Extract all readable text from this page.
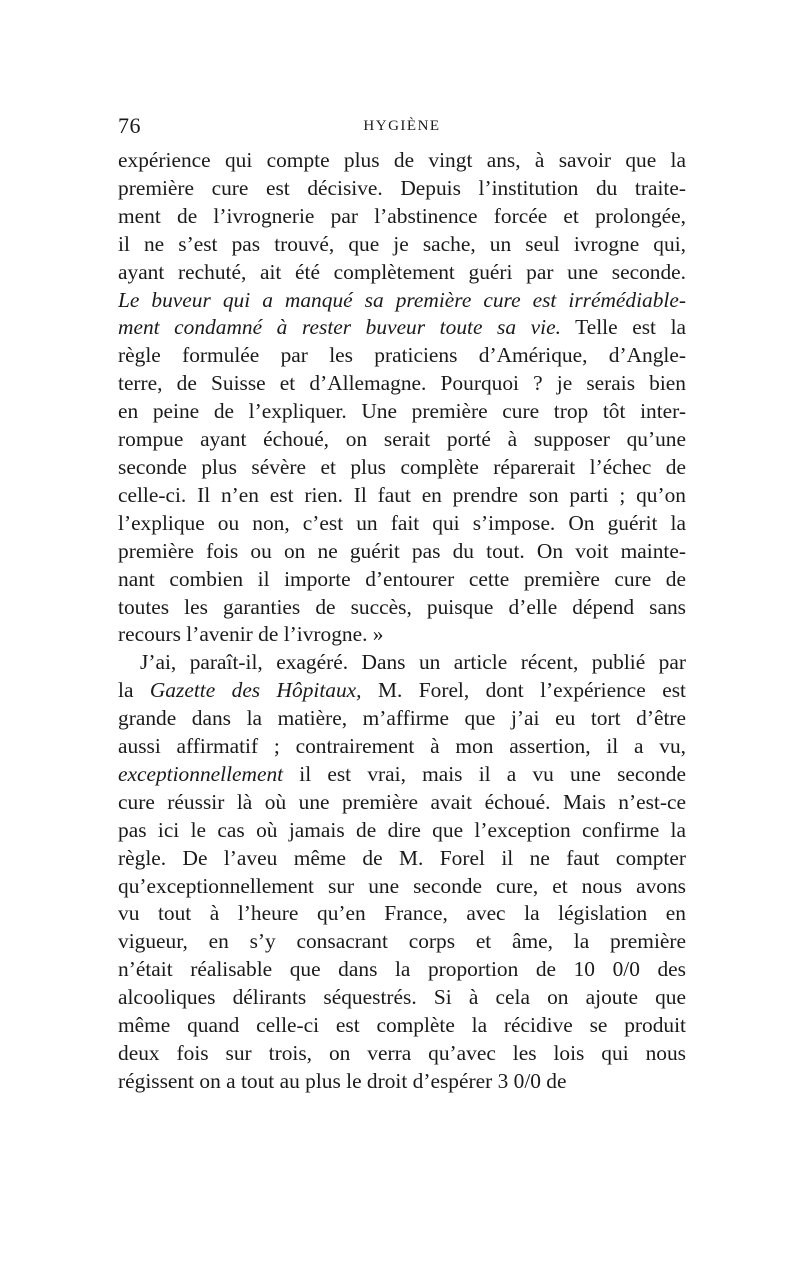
76	HYGIÈNE
expérience qui compte plus de vingt ans, à savoir que la
première cure est décisive. Depuis l’institution du traite-
ment de l’ivrognerie par l’abstinence forcée et prolongée,
il ne s’est pas trouvé, que je sache, un seul ivrogne qui,
ayant rechuté, ait été complètement guéri par une seconde.
Le buveur qui a manqué sa première cure est irrémédiable-
ment condamné à rester buveur toute sa vie. Telle est la
règle formulée par les praticiens d’Amérique, d’Angle-
terre, de Suisse et d’Allemagne. Pourquoi ? je serais bien
en peine de l’expliquer. Une première cure trop tôt inter-
rompue ayant échoué, on serait porté à supposer qu’une
seconde plus sévère et plus complète réparerait l’échec de
celle-ci. Il n’en est rien. Il faut en prendre son parti ; qu’on
l’explique ou non, c’est un fait qui s’impose. On guérit la
première fois ou on ne guérit pas du tout. On voit mainte-
nant combien il importe d’entourer cette première cure de
toutes les garanties de succès, puisque d’elle dépend sans
recours l’avenir de l’ivrogne. »
J’ai, paraît-il, exagéré. Dans un article récent, publié par
la Gazette des Hôpitaux, M. Forel, dont l’expérience est
grande dans la matière, m’affirme que j’ai eu tort d’être
aussi affirmatif ; contrairement à mon assertion, il a vu,
exceptionnellement il est vrai, mais il a vu une seconde
cure réussir là où une première avait échoué. Mais n’est-ce
pas ici le cas où jamais de dire que l’exception confirme la
règle. De l’aveu même de M. Forel il ne faut compter
qu’exceptionnellement sur une seconde cure, et nous avons
vu tout à l’heure qu’en France, avec la législation en
vigueur, en s’y consacrant corps et âme, la première
n’était réalisable que dans la proportion de 10 0/0 des
alcooliques délirants séquestrés. Si à cela on ajoute que
même quand celle-ci est complète la récidive se produit
deux fois sur trois, on verra qu’avec les lois qui nous
régissent on a tout au plus le droit d’espérer 3 0/0 de
